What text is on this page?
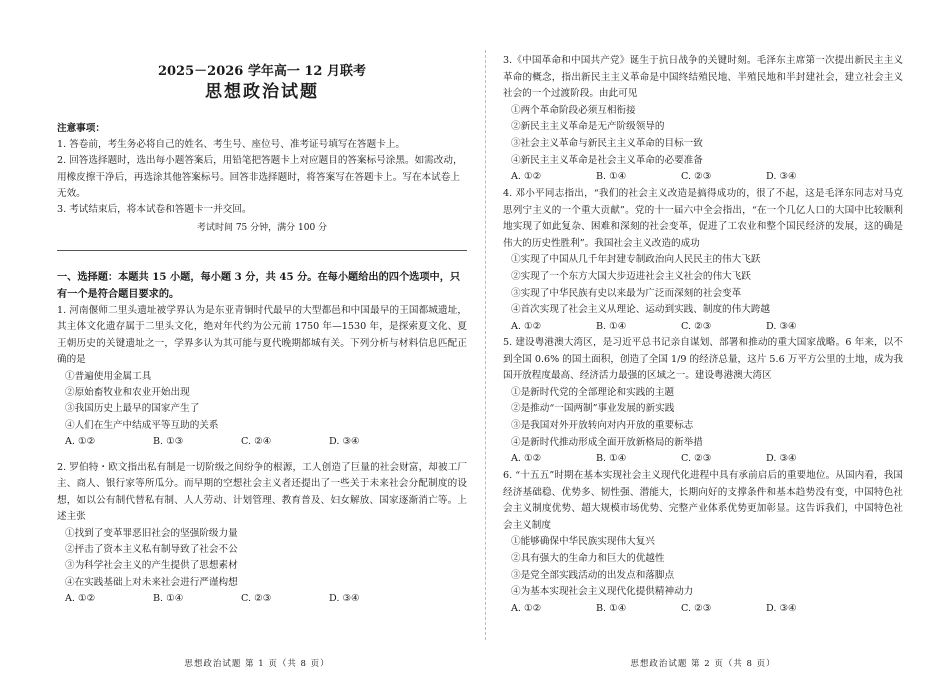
2025－2026 学年高一 12 月联考
思想政治试题
注意事项：
1. 答卷前，考生务必将自己的姓名、考生号、座位号、准考证号填写在答题卡上。
2. 回答选择题时，选出每小题答案后，用铅笔把答题卡上对应题目的答案标号涂黑。如需改动，用橡皮擦干净后，再选涂其他答案标号。回答非选择题时，将答案写在答题卡上。写在本试卷上无效。
3. 考试结束后，将本试卷和答题卡一并交回。
考试时间 75 分钟，满分 100 分
一、选择题：本题共 15 小题，每小题 3 分，共 45 分。在每小题给出的四个选项中，只有一个是符合题目要求的。
1. 河南偃师二里头遗址被学界认为是东亚青铜时代最早的大型都邑和中国最早的王国都城遗址，其主体文化遗存属于二里头文化，绝对年代约为公元前 1750 年—1530 年，是探索夏文化、夏王朝历史的关键遗址之一，学界多认为其可能与夏代晚期都城有关。下列分析与材料信息匹配正确的是
①普遍使用金属工具
②原始畜牧业和农业开始出现
③我国历史上最早的国家产生了
④人们在生产中结成平等互助的关系
A. ①②	B. ①③	C. ②④	D. ③④
2. 罗伯特・欧文指出私有制是一切阶级之间纷争的根源，工人创造了巨量的社会财富，却被工厂主、商人、银行家等所瓜分。而早期的空想社会主义者还提出了一些关于未来社会分配制度的设想，如以公有制代替私有制、人人劳动、计划管理、教育普及、妇女解放、国家逐渐消亡等。上述主张
①找到了变革罪恶旧社会的坚强阶级力量
②抨击了资本主义私有制导致了社会不公
③为科学社会主义的产生提供了思想素材
④在实践基础上对未来社会进行严谨构想
A. ①②	B. ①④	C. ②③	D. ③④
思想政治试题 第 1 页（共 8 页）
3.《中国革命和中国共产党》诞生于抗日战争的关键时刻。毛泽东主席第一次提出新民主主义革命的概念，指出新民主主义革命是中国终结殖民地、半殖民地和半封建社会，建立社会主义社会的一个过渡阶段。由此可见
①两个革命阶段必须互相衔接
②新民主主义革命是无产阶级领导的
③社会主义革命与新民主主义革命的目标一致
④新民主主义革命是社会主义革命的必要准备
A. ①②	B. ①④	C. ②③	D. ③④
4. 邓小平同志指出，“我们的社会主义改造是搞得成功的，很了不起，这是毛泽东同志对马克思列宁主义的一个重大贡献”。党的十一届六中全会指出，“在一个几亿人口的大国中比较顺利地实现了如此复杂、困难和深刻的社会变革，促进了工农业和整个国民经济的发展，这的确是伟大的历史性胜利”。我国社会主义改造的成功
①实现了中国从几千年封建专制政治向人民民主的伟大飞跃
②实现了一个东方大国大步迈进社会主义社会的伟大飞跃
③实现了中华民族有史以来最为广泛而深刻的社会变革
④首次实现了社会主义从理论、运动到实践、制度的伟大跨越
A. ①②	B. ①④	C. ②③	D. ③④
5. 建设粤港澳大湾区，是习近平总书记亲自谋划、部署和推动的重大国家战略。6 年来，以不到全国 0.6% 的国土面积，创造了全国 1/9 的经济总量，这片 5.6 万平方公里的土地，成为我国开放程度最高、经济活力最强的区域之一。建设粤港澳大湾区
①是新时代党的全部理论和实践的主题
②是推动“一国两制”事业发展的新实践
③是我国对外开放转向对内开放的重要标志
④是新时代推动形成全面开放新格局的新举措
A. ①②	B. ①④	C. ②③	D. ③④
6. “十五五”时期在基本实现社会主义现代化进程中具有承前启后的重要地位。从国内看，我国经济基础稳、优势多、韧性强、潜能大，长期向好的支撑条件和基本趋势没有变，中国特色社会主义制度优势、超大规模市场优势、完整产业体系优势更加彰显。这告诉我们，中国特色社会主义制度
①能够确保中华民族实现伟大复兴
②具有强大的生命力和巨大的优越性
③是党全部实践活动的出发点和落脚点
④为基本实现社会主义现代化提供精神动力
A. ①②	B. ①④	C. ②③	D. ③④
思想政治试题 第 2 页（共 8 页）
